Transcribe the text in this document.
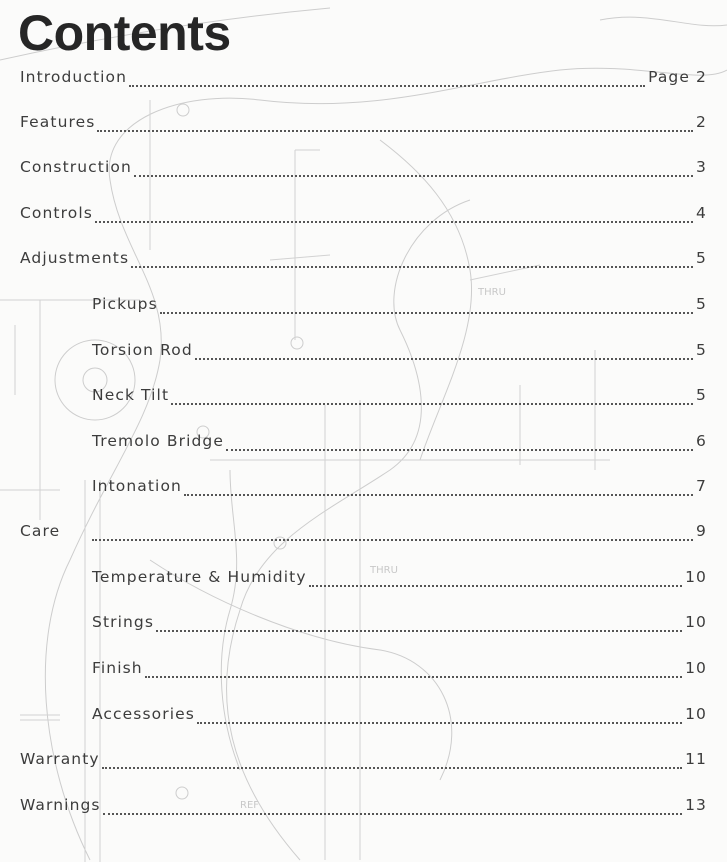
THRU
THRU
REF
Contents
Introduction	Page 2
Features	2
Construction	3
Controls	4
Adjustments	5
Pickups	5
Torsion Rod	5
Neck Tilt	5
Tremolo Bridge	6
Intonation	7
Care	9
Temperature & Humidity	10
Strings	10
Finish	10
Accessories	10
Warranty	11
Warnings	13
